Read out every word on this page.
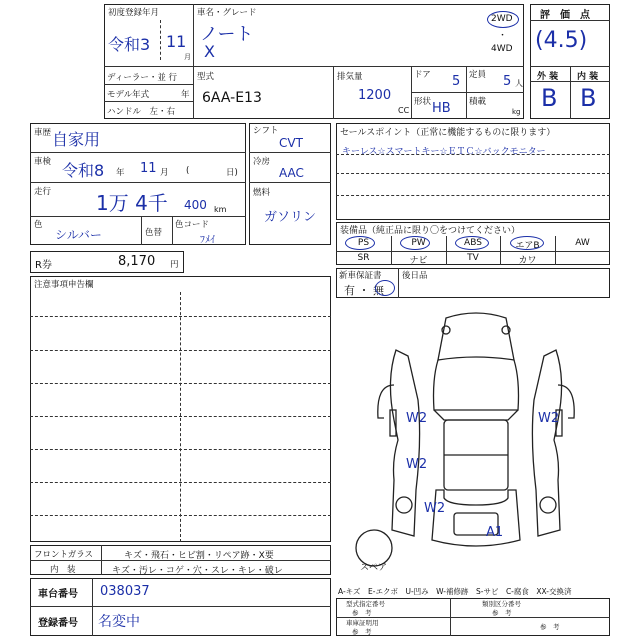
初度登録年月
令和3 11
月
車名・グレード
ノート
X
2WD
・
4WD
ディーラー・並 行
モデル年式	年
ハンドル　左・右
型式
6AA-E13
排気量
1200
CC
ドア 5
形状 HB
定員 5 人
積載
kg
評　価　点
(4.5)
外 装 内 装
B B
車歴 自家用
車検 令和8 年 11 月 (	日)
走行 1万 4千 400 km
色
シルバー	色替
色コード
ﾌﾒｲ
シフト
CVT
冷房
AAC
燃料
ガソリン
セールスポイント（正常に機能するものに限ります）
キーレス☆スマートキー☆ＥＴＣ☆バックモニター
装備品（純正品に限り〇をつけてください）
PS	PW	ABS	エアB	AW
SR	ナビ	TV	カワ
R券	8,170 円
新車保証書
有 ・ 無
後日品
注意事項申告欄
W2	W2
W2
W2
A1
スペア
フロントガラス	キズ・飛石・ヒビ割・リペア跡・X要
内　装	キズ・汚レ・コゲ・穴・スレ・キレ・破レ
車台番号 038037
登録番号 名変中
A-キズ　E-エクボ　U-凹み　W-補修跡　S-サビ　C-腐食　XX-交換済
型式指定番号
参　考
類別区分番号
参　考
車庫証明用
参　考
参　考
